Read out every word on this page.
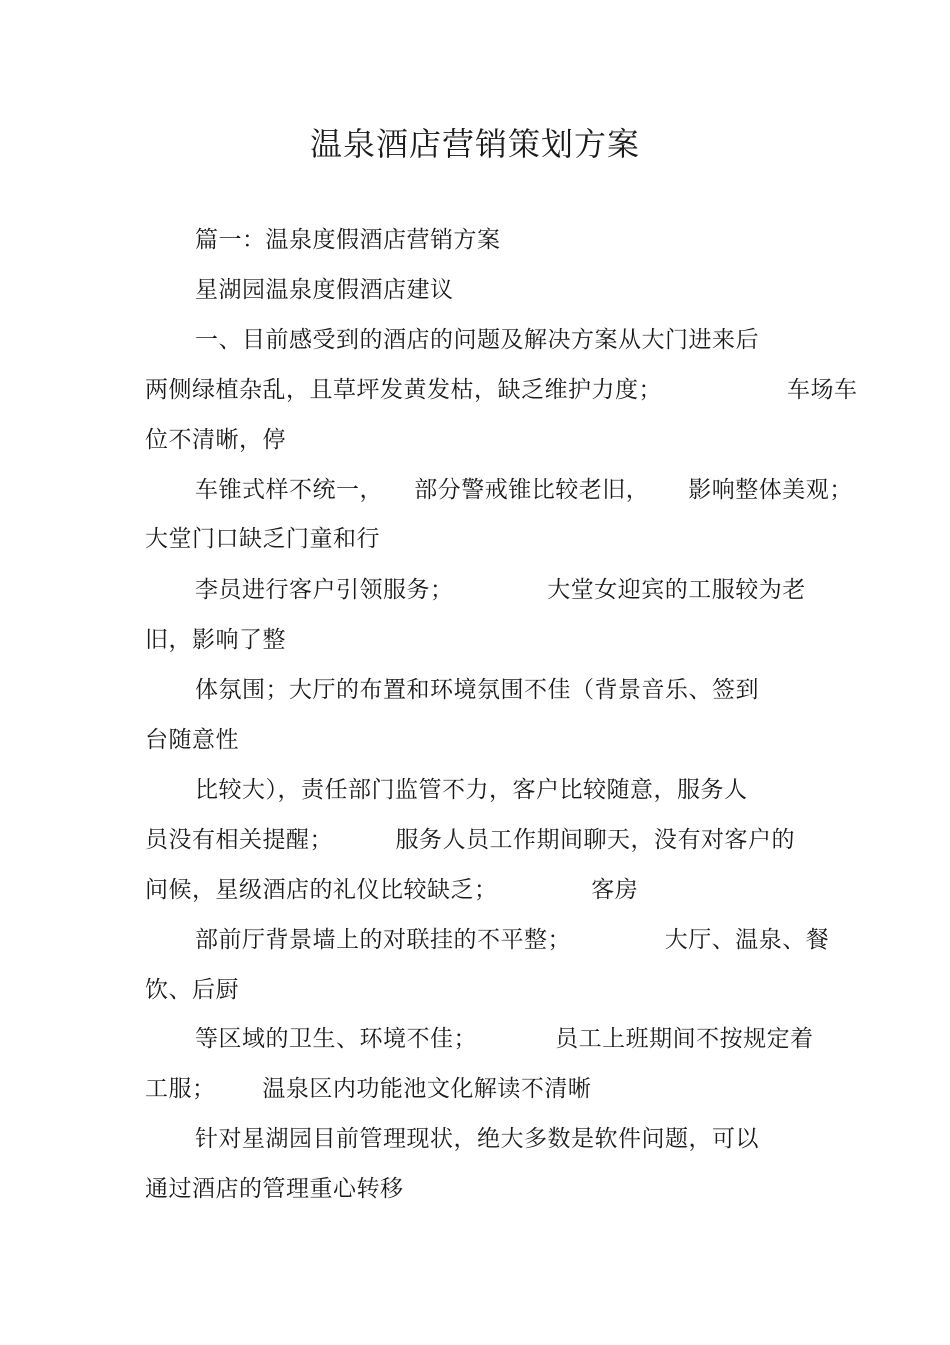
温泉酒店营销策划方案

篇一：温泉度假酒店营销方案

星湖园温泉度假酒店建议

一、目前感受到的酒店的问题及解决方案从大门进来后

两侧绿植杂乱，且草坪发黄发枯，缺乏维护力度；                车场车

位不清晰，停

车锥式样不统一，    部分警戒锥比较老旧，     影响整体美观；

大堂门口缺乏门童和行

李员进行客户引领服务；            大堂女迎宾的工服较为老

旧，影响了整

体氛围；大厅的布置和环境氛围不佳（背景音乐、签到

台随意性

比较大），责任部门监管不力，客户比较随意，服务人

员没有相关提醒；        服务人员工作期间聊天，没有对客户的

问候，星级酒店的礼仪比较缺乏；            客房

部前厅背景墙上的对联挂的不平整；            大厅、温泉、餐

饮、后厨

等区域的卫生、环境不佳；          员工上班期间不按规定着

工服；      温泉区内功能池文化解读不清晰

针对星湖园目前管理现状，绝大多数是软件问题，可以

通过酒店的管理重心转移
